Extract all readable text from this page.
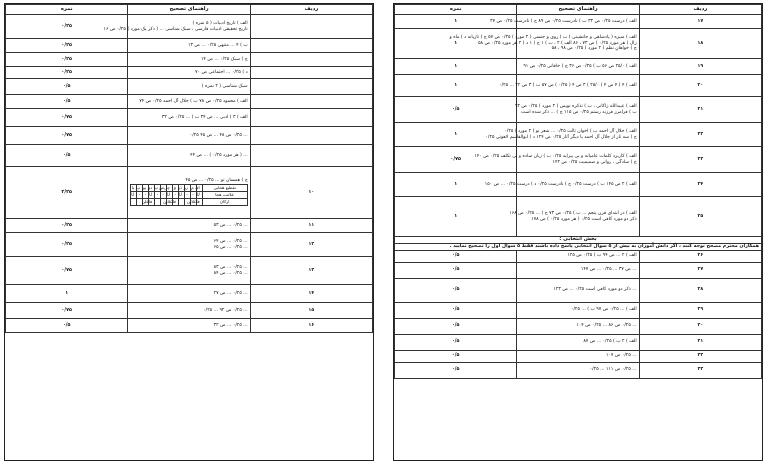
ردیف	راهنمای تصحیح	نمره

الف ) تاریخ ادبیات ( ۵ نمره )
تاریخ تحقیقی ادبیات فارسی ، سبک شناسی ... ( ذکر یک مورد ) ۰/۲۵ ص ۱۶
	۰/۲۵

ب ) ۴ ... منتهی ۰/۲۵ ... ص ۱۳
	۰/۲۵

ج ) سبک ۰/۲۵ ... ص ۱۴
	۰/۲۵

د ) ۰/۲۵ ... اجتماعی ص ۷۰
	۰/۲۵

سبک شناسی ( ۲ نمره )
	۰/۵

الف ) محمود ۰/۲۵ ص ۷۸ ب ) جلال آل احمد ۰/۲۵ ص ۷۴
	۰/۵

الف ) ۳ ) ادبی ... ص ۳۴ ب ) ... ۰/۲۵ ص ۳۲
	۰/۷۵

... ۰/۲۵ ص ۴۸ ... ص ۴۵ ۰/۲۵
	۰/۷۵

... ( هر مورد ۰/۲۵ ) ... ص ۴۴
	۰/۵
۱۰	
ج ) همسان تو ... ۰/۲۵ ... ص ۴۵
تقطیع هجایی	ای	مِ	رو	دَر	وَ	جِی	صَ	تِ	دو	یو	پِ	یا
علامت هجا	U	-	-	U	-	U	-	-	U	-	-	U
ارکان	فاعلاتن				فاعلاتن				فاعلن			
	۲/۲۵
۱۱	
... ۰/۲۵ ... ص ۵۳
	۰/۲۵
۱۲	
... ۰/۲۵ ... ص ۶۴
... ۰/۲۵ ... ص ۶۵
	۰/۲۵
۱۳	
... ۰/۲۵ ... ص ۸۳
... ۰/۲۵ ... ص ۸۴
	۰/۷۵
۱۴	
... ۰/۲۵ ... ص ۲۷
	۱
۱۵	
... ۰/۲۵ ص ۹۲ ... ۰/۲۵
	۰/۷۵
۱۶	
... ۰/۲۵ ... ص ۳۲
	۰/۵
ردیف	راهنمای تصحیح	نمره
۱۷	الف ) درست ۰/۲۵ ص ۳۳ ب ) نادرست ۰/۲۵ ص ۸۹ ج ) نادرست ۰/۲۵ ص ۳۷	۱
۱۸	الف ) منیژه ( پادشاهی و جانشینی ) ب ) روی و جنسی ( ۲ مورد ) ۰/۲۵ ص ۵۷ ج ) تازیانه د ) ماه و
زال ( هر مورد ۰/۲۵ ) ص ۷۳ ، ۸۶ الف ) ۲ ، ب ) ۱ ج ) ۱ د ) ۲ هر مورد ۰/۲۵ ص ۵۸
ج ) خواهانِ نظم ( ۲ مورد ) ۰/۲۵ ص ۹۸ ، ۵۸	۱
۱۹	الف ) ۲۵/۰ ص ۵۶ ب ) ۰/۲۵ ص ۳۶ ج ) خاقانی ۰/۲۵ ص ۹۱	۱
۲۰	الف ) ۴ ) ۴ ص ۴ ( ۲۵/۰ ) ۳ ص ۴ ( ۰/۲۵ ) ص ۵۷ ب ) ۳ ص ۲۲ ... ۰/۲۵	۱
۲۱	الف ) عبیدالله زاکانی ، ب ) تذکره نویس ( ۲ مورد ) ۰/۲۵ ص ۹۳
ب ) فرامرز فرزند رستم ۰/۲۵ ص ۱۱۵ ج ) ... ذکر شده است	۰/۵
۲۲	الف ) جلال آل احمد ب ) اخوان ثالث ۰/۲۵ ... شعر نو ( ۲ مورد ) ۰/۲۵
ج ) سه تار از جلال آل احمد یا دیگر آثار ۰/۲۵ ص ۱۲۴ د ) ابوالقاسم لاهوتی ۰/۲۵	۱
۲۳	الف ) کاربرد کلمات عامیانه و بی پیرایه ۰/۲۵ ب ) زبان ساده و بی تکلف ۰/۲۵ ص ۱۴۰
ج ) سادگی ، روانی و صمیمیت ۰/۲۵ ص ۱۴۲	۰/۷۵
۲۴	الف ) ۲ ص ۱۴۵ ب ) درست ۰/۲۵ ج ) نادرست ۰/۲۵ د ) درست ۰/۲۵ ... ص ۱۵۰	۱
۲۵	الف ) در ابتدای قرن پنجم ... ب ) ۰/۲۵ ص ۷۳ ج ) ... ۰/۲۵ ص ۱۶۸
ذکر دو مورد کافی است ۰/۲۵ ( هر مورد ۰/۲۵ ) ص ۱۷۸	۱
بخش انتخابی :		
همکاران محترم مصحح توجه کنند ، اگر دانش آموزان به بیش از ۵ سوال انتخابی پاسخ داده باشند فقط ۵ سوال اول را تصحیح نمایید .		
۲۶	الف ) ۲ ... ص ۹۴ ب ) ۰/۲۵ ص ۱۲۵	۰/۵
۲۷	... ص ۳۷ ... ۰/۲۵ ... ص ۱۴۷	۰/۵
۲۸	... ذکر دو مورد کافی است ۰/۲۵ ... ص ۱۲۳	۰/۵
۲۹	الف ) ... ۰/۲۵ ص ۹۷ ب ) ... ۰/۲۵	۰/۵
۳۰	... ۰/۲۵ ص ۸۶ ... ۰/۲۵ ص ۱۰۴	۰/۵
۳۱	الف ) ۲ ب ) ۰/۲۵ ... ص ۸۷	۰/۵
۳۲	... ۰/۲۵ ص ۱۰۷	۰/۵
۳۳	... ۰/۲۵ ص ۱۱۱ ... ۰/۲۵	۰/۵
